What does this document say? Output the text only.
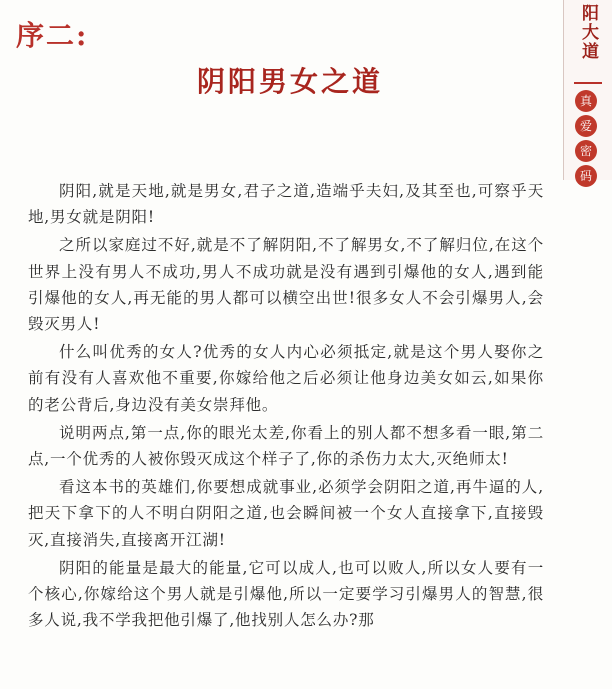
序二:
阴阳男女之道
阳大道
真
爱
密
码

阴阳,就是天地,就是男女,君子之道,造端乎夫妇,及其至也,可察乎天地,男女就是阴阳!

之所以家庭过不好,就是不了解阴阳,不了解男女,不了解归位,在这个世界上没有男人不成功,男人不成功就是没有遇到引爆他的女人,遇到能引爆他的女人,再无能的男人都可以横空出世!很多女人不会引爆男人,会毁灭男人!

什么叫优秀的女人?优秀的女人内心必须抵定,就是这个男人娶你之前有没有人喜欢他不重要,你嫁给他之后必须让他身边美女如云,如果你的老公背后,身边没有美女崇拜他。

说明两点,第一点,你的眼光太差,你看上的别人都不想多看一眼,第二点,一个优秀的人被你毁灭成这个样子了,你的杀伤力太大,灭绝师太!

看这本书的英雄们,你要想成就事业,必须学会阴阳之道,再牛逼的人,把天下拿下的人不明白阴阳之道,也会瞬间被一个女人直接拿下,直接毁灭,直接消失,直接离开江湖!

阴阳的能量是最大的能量,它可以成人,也可以败人,所以女人要有一个核心,你嫁给这个男人就是引爆他,所以一定要学习引爆男人的智慧,很多人说,我不学我把他引爆了,他找别人怎么办?那
